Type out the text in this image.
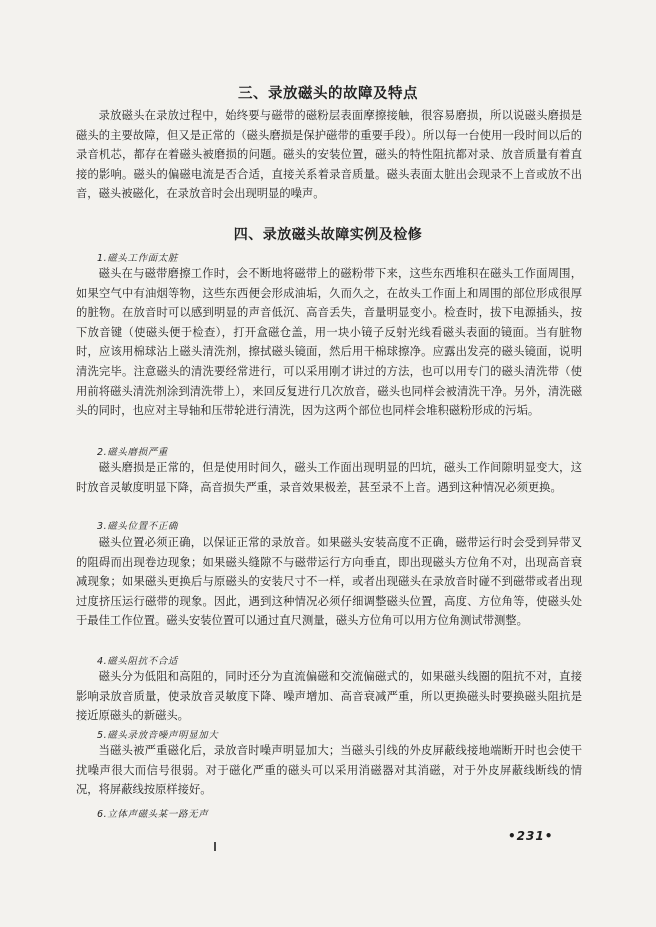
三、录放磁头的故障及特点

录放磁头在录放过程中，始终要与磁带的磁粉层表面摩擦接触，很容易磨损，所以说磁头磨损是磁头的主要故障，但又是正常的（磁头磨损是保护磁带的重要手段）。所以每一台使用一段时间以后的录音机芯，都存在着磁头被磨损的问题。磁头的安装位置，磁头的特性阻抗都对录、放音质量有着直接的影响。磁头的偏磁电流是否合适，直接关系着录音质量。磁头表面太脏出会现录不上音或放不出音，磁头被磁化，在录放音时会出现明显的噪声。

四、录放磁头故障实例及检修
1.磁头工作面太脏

磁头在与磁带磨擦工作时，会不断地将磁带上的磁粉带下来，这些东西堆积在磁头工作面周围，如果空气中有油烟等物，这些东西便会形成油垢，久而久之，在故头工作面上和周围的部位形成很厚的脏物。在放音时可以感到明显的声音低沉、高音丢失，音量明显变小。检查时，拔下电源插头，按下放音键（使磁头便于检查），打开盒磁仓盖，用一块小镜子反射光线看磁头表面的镜面。当有脏物时，应该用棉球沾上磁头清洗剂，擦拭磁头镜面，然后用干棉球擦净。应露出发亮的磁头镜面，说明清洗完毕。注意磁头的清洗要经常进行，可以采用刚才讲过的方法，也可以用专门的磁头清洗带（使用前将磁头清洗剂涂到清洗带上），来回反复进行几次放音，磁头也同样会被清洗干净。另外，清洗磁头的同时，也应对主导轴和压带轮进行清洗，因为这两个部位也同样会堆积磁粉形成的污垢。

2.磁头磨损严重

磁头磨损是正常的，但是使用时间久，磁头工作面出现明显的凹坑，磁头工作间隙明显变大，这时放音灵敏度明显下降，高音损失严重，录音效果极差，甚至录不上音。遇到这种情况必须更换。

3.磁头位置不正确

磁头位置必须正确，以保证正常的录放音。如果磁头安装高度不正确，磁带运行时会受到异带叉的阻碍而出现卷边现象；如果磁头缝隙不与磁带运行方向垂直，即出现磁头方位角不对，出现高音衰减现象；如果磁头更换后与原磁头的安装尺寸不一样，或者出现磁头在录放音时碰不到磁带或者出现过度挤压运行磁带的现象。因此，遇到这种情况必须仔细调整磁头位置，高度、方位角等，使磁头处于最佳工作位置。磁头安装位置可以通过直尺测量，磁头方位角可以用方位角测试带测整。

4.磁头阻抗不合适

磁头分为低阻和高阻的，同时还分为直流偏磁和交流偏磁式的，如果磁头线圈的阻抗不对，直接影响录放音质量，使录放音灵敏度下降、噪声增加、高音衰减严重，所以更换磁头时要换磁头阻抗是接近原磁头的新磁头。

5.磁头录放音噪声明显加大

当磁头被严重磁化后，录放音时噪声明显加大；当磁头引线的外皮屏蔽线接地端断开时也会使干扰噪声很大而信号很弱。对于磁化严重的磁头可以采用消磁器对其消磁，对于外皮屏蔽线断线的情况，将屏蔽线按原样接好。

6.立体声磁头某一路无声
•231•
